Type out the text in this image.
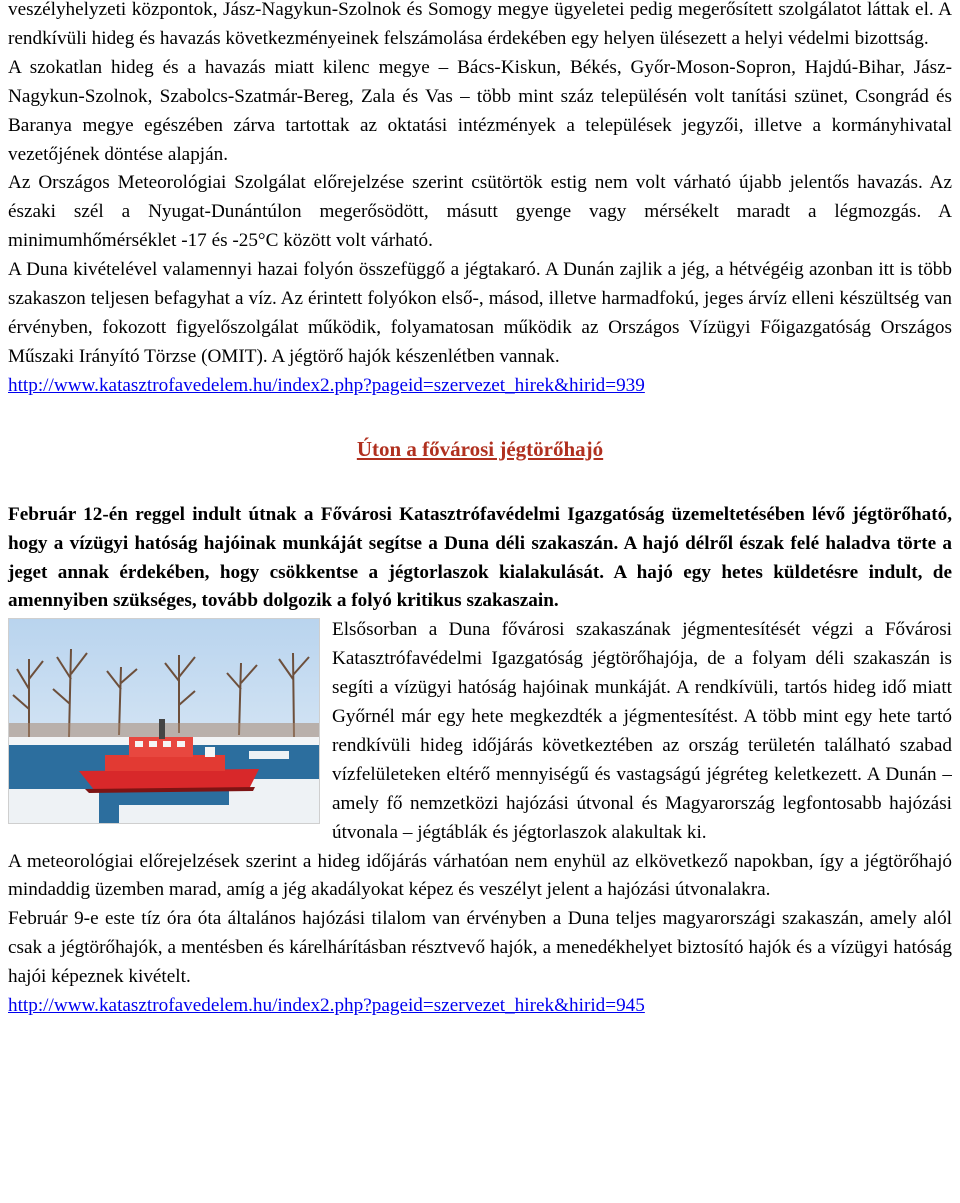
veszélyhelyzeti központok, Jász-Nagykun-Szolnok és Somogy megye ügyeletei pedig megerősített szolgálatot láttak el. A rendkívüli hideg és havazás következményeinek felszámolása érdekében egy helyen ülésezett a helyi védelmi bizottság.

A szokatlan hideg és a havazás miatt kilenc megye – Bács-Kiskun, Békés, Győr-Moson-Sopron, Hajdú-Bihar, Jász-Nagykun-Szolnok, Szabolcs-Szatmár-Bereg, Zala és Vas – több mint száz településén volt tanítási szünet, Csongrád és Baranya megye egészében zárva tartottak az oktatási intézmények a települések jegyzői, illetve a kormányhivatal vezetőjének döntése alapján.

Az Országos Meteorológiai Szolgálat előrejelzése szerint csütörtök estig nem volt várható újabb jelentős havazás. Az északi szél a Nyugat-Dunántúlon megerősödött, másutt gyenge vagy mérsékelt maradt a légmozgás. A minimumhőmérséklet -17 és -25°C között volt várható.

A Duna kivételével valamennyi hazai folyón összefüggő a jégtakaró. A Dunán zajlik a jég, a hétvégéig azonban itt is több szakaszon teljesen befagyhat a víz. Az érintett folyókon első-, másod, illetve harmadfokú, jeges árvíz elleni készültség van érvényben, fokozott figyelőszolgálat működik, folyamatosan működik az Országos Vízügyi Főigazgatóság Országos Műszaki Irányító Törzse (OMIT). A jégtörő hajók készenlétben vannak.

http://www.katasztrofavedelem.hu/index2.php?pageid=szervezet_hirek&hirid=939
Úton a fővárosi jégtörőhajó

Február 12-én reggel indult útnak a Fővárosi Katasztrófavédelmi Igazgatóság üzemeltetésében lévő jégtörőható, hogy a vízügyi hatóság hajóinak munkáját segítse a Duna déli szakaszán. A hajó délről észak felé haladva törte a jeget annak érdekében, hogy csökkentse a jégtorlaszok kialakulását. A hajó egy hetes küldetésre indult, de amennyiben szükséges, tovább dolgozik a folyó kritikus szakaszain.

Elsősorban a Duna fővárosi szakaszának jégmentesítését végzi a Fővárosi Katasztrófavédelmi Igazgatóság jégtörőhajója, de a folyam déli szakaszán is segíti a vízügyi hatóság hajóinak munkáját. A rendkívüli, tartós hideg idő miatt Győrnél már egy hete megkezdték a jégmentesítést. A több mint egy hete tartó rendkívüli hideg időjárás következtében az ország területén található szabad vízfelületeken eltérő mennyiségű és vastagságú jégréteg keletkezett. A Dunán – amely fő nemzetközi hajózási útvonal és Magyarország legfontosabb hajózási útvonala – jégtáblák és jégtorlaszok alakultak ki.

A meteorológiai előrejelzések szerint a hideg időjárás várhatóan nem enyhül az elkövetkező napokban, így a jégtörőhajó mindaddig üzemben marad, amíg a jég akadályokat képez és veszélyt jelent a hajózási útvonalakra.

Február 9-e este tíz óra óta általános hajózási tilalom van érvényben a Duna teljes magyarországi szakaszán, amely alól csak a jégtörőhajók, a mentésben és kárelhárításban résztvevő hajók, a menedékhelyet biztosító hajók és a vízügyi hatóság hajói képeznek kivételt.

http://www.katasztrofavedelem.hu/index2.php?pageid=szervezet_hirek&hirid=945
